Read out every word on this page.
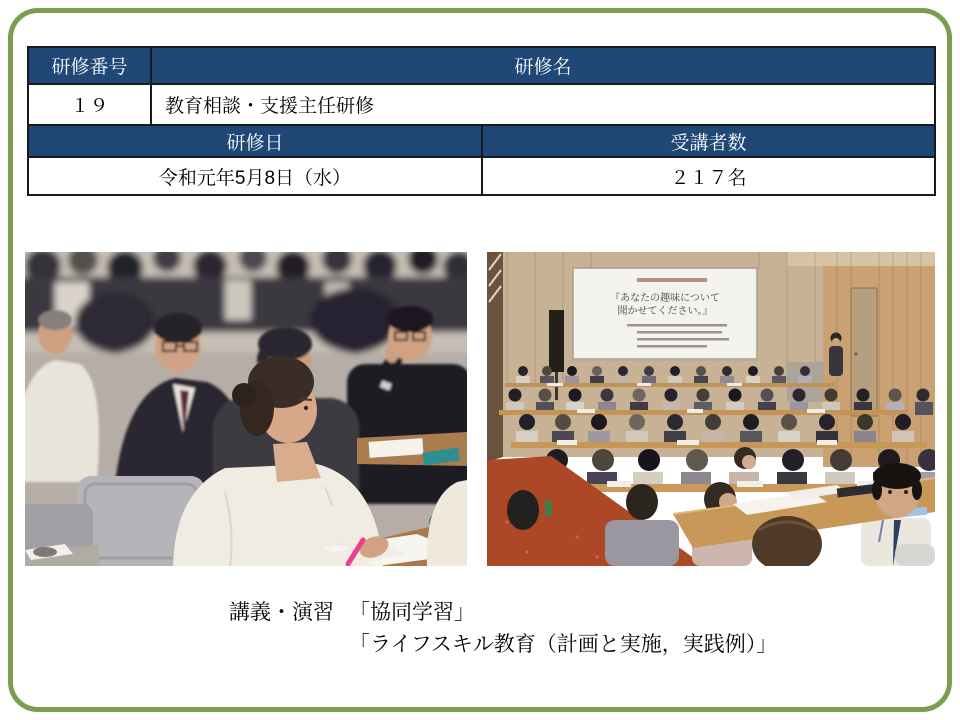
研修番号	研修名	
１９	教育相談・支援主任研修	
研修日		受講者数
令和元年5月8日（水）		２１７名
『あなたの趣味について
聞かせてください。』
講義・演習 「協同学習」
「ライフスキル教育（計画と実施，実践例）」
